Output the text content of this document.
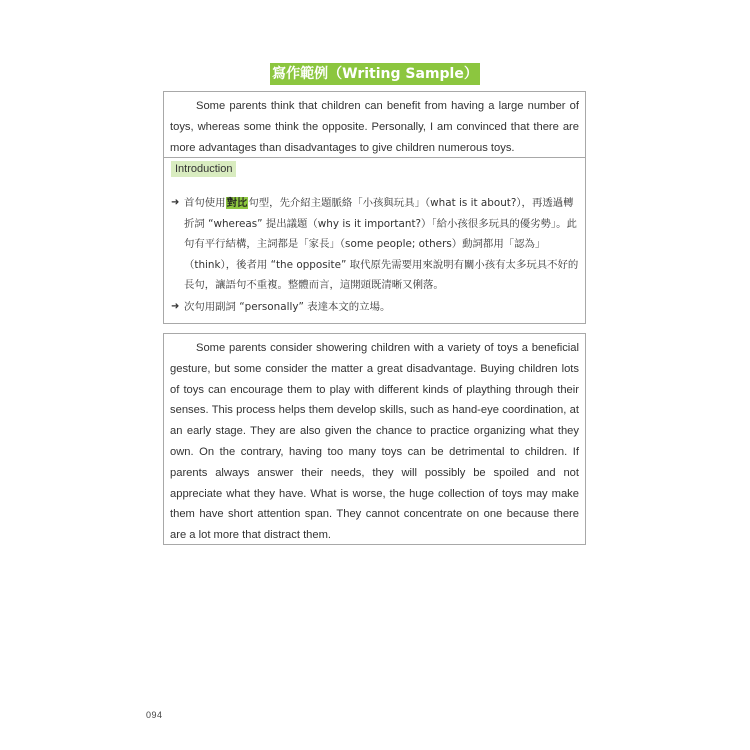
寫作範例（Writing Sample）

Some parents think that children can benefit from having a large number of toys, whereas some think the opposite. Personally, I am convinced that there are more advantages than disadvantages to give children numerous toys.

Introduction
➜ 首句使用對比句型，先介紹主題脈絡「小孩與玩具」（what is it about?），再透過轉折詞 “whereas” 提出議題（why is it important?）「給小孩很多玩具的優劣勢」。此句有平行結構，主詞都是「家長」（some people; others）動詞都用「認為」（think），後者用 “the opposite” 取代原先需要用來說明有關小孩有太多玩具不好的長句，讓語句不重複。整體而言，這開頭既清晰又俐落。
➜ 次句用副詞 “personally” 表達本文的立場。

Some parents consider showering children with a variety of toys a beneficial gesture, but some consider the matter a great disadvantage. Buying children lots of toys can encourage them to play with different kinds of plaything through their senses. This process helps them develop skills, such as hand-eye coordination, at an early stage. They are also given the chance to practice organizing what they own. On the contrary, having too many toys can be detrimental to children. If parents always answer their needs, they will possibly be spoiled and not appreciate what they have. What is worse, the huge collection of toys may make them have short attention span. They cannot concentrate on one because there are a lot more that distract them.

094
